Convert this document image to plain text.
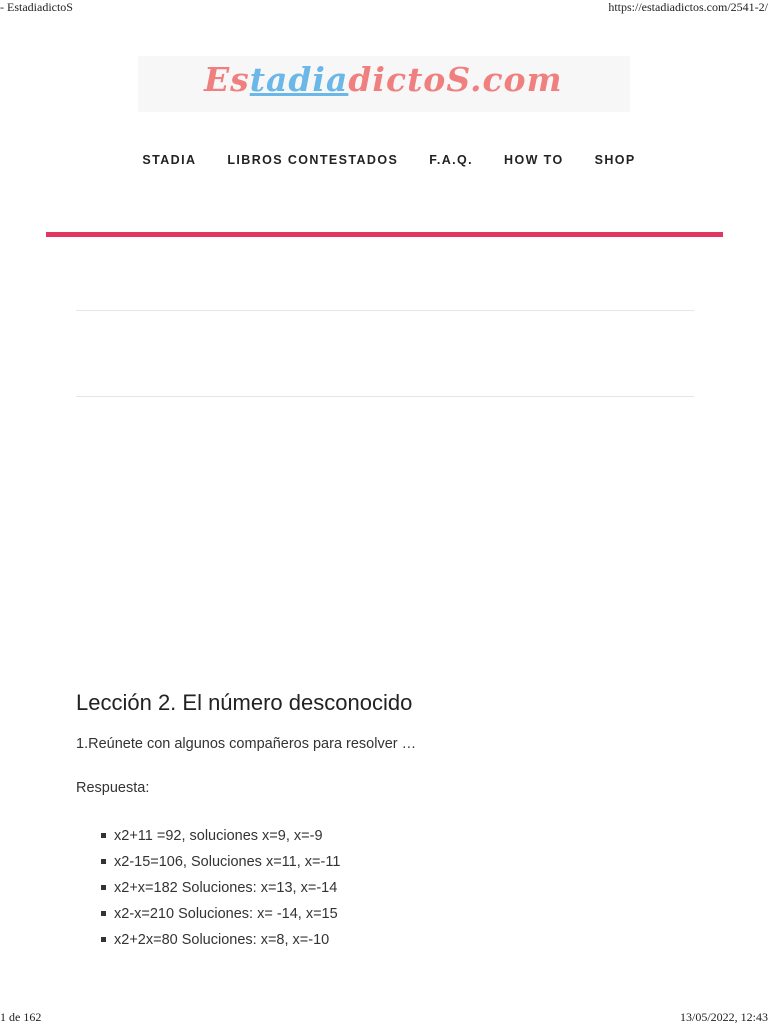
- EstadiadictoS	https://estadiadictos.com/2541-2/
EstadiadictoS.com
STADIA LIBROS CONTESTADOS F.A.Q. HOW TO SHOP
Lección 2. El número desconocido
1.Reúnete con algunos compañeros para resolver …
Respuesta:
x2+11 =92, soluciones x=9, x=-9
x2-15=106, Soluciones x=11, x=-11
x2+x=182 Soluciones: x=13, x=-14
x2-x=210 Soluciones: x= -14, x=15
x2+2x=80 Soluciones: x=8, x=-10
1 de 162	13/05/2022, 12:43
